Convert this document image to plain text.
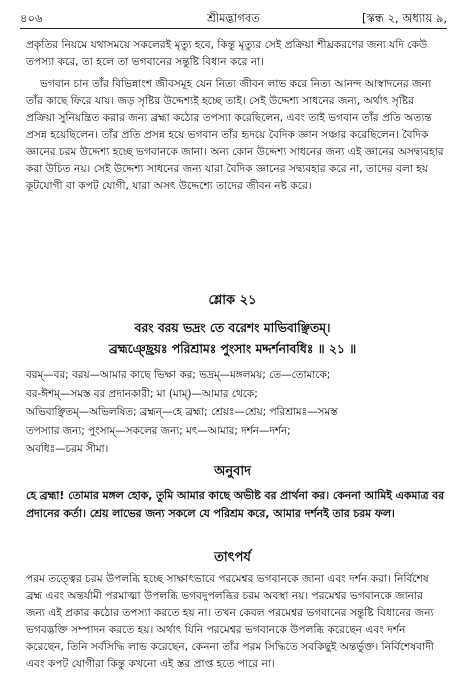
৪০৬	শ্রীমদ্ভাগবত	[স্কন্ধ ২, অধ্যায় ৯,

প্রকৃতির নিয়মে যথাসময়ে সকলেরই মৃত্যু হবে, কিন্তু মৃত্যুর সেই প্রক্রিয়া শীঘ্রকরণের জন্য যদি কেউ তপস্যা করে, তা হলে তা ভগবানের সন্তুষ্টি বিধান করে না।

ভগবান চান তাঁর বিভিন্নাংশ জীবসমূহ যেন নিত্য জীবন লাভ করে নিত্য আনন্দ আস্বাদনের জন্য তাঁর কাছে ফিরে যায়। জড় সৃষ্টির উদ্দেশ্যই হচ্ছে তাই। সেই উদ্দেশ্য সাধনের জন্য, অর্থাৎ সৃষ্টির প্রক্রিয়া সুনিয়ন্ত্রিত করার জন্য ব্রহ্মা কঠোর তপস্যা করেছিলেন, এবং তাই ভগবান তাঁর প্রতি অত্যন্ত প্রসন্ন হয়েছিলেন। তাঁর প্রতি প্রসন্ন হয়ে ভগবান তাঁর হৃদয়ে বৈদিক জ্ঞান সঞ্চার করেছিলেন। বৈদিক জ্ঞানের চরম উদ্দেশ্য হচ্ছে ভগবানকে জানা। অন্য কোন উদ্দেশ্য সাধনের জন্য এই জ্ঞানের অসদ্ব্যবহার করা উচিত নয়। সেই উদ্দেশ্য সাধনের জন্য যারা বৈদিক জ্ঞানের সদ্ব্যবহার করে না, তাদের বলা হয় কূটযোগী বা কপট যোগী, যারা অসৎ উদ্দেশ্যে তাদের জীবন নষ্ট করে।

শ্লোক ২১
বরং বরয় ভদ্রং তে বরেশং মাভিবাঞ্ছিতম্।
ব্রহ্মঞ্ছ্রেয়ঃ পরিশ্রামঃ পুংসাং মদ্দর্শনাবধিঃ ॥ ২১ ॥

বরম্—বর; বরয়—আমার কাছে ভিক্ষা কর; ভদ্রম্—মঙ্গলময়; তে—তোমাকে;

বর-ঈশম্—সমস্ত বর প্রদানকারী; মা (মাম্)—আমার থেকে;

অভিবাঞ্ছিতম্—অভিলষিত; ব্রহ্মন্—হে ব্রহ্মা; শ্রেয়ঃ—শ্রেয়; পরিশ্রামঃ—সমস্ত

তপস্যার জন্য; পুংসাম্—সকলের জন্য; মৎ—আমার; দর্শন—দর্শন;

অবধিঃ—চরম সীমা।

অনুবাদ

হে ব্রহ্মা! তোমার মঙ্গল হোক, তুমি আমার কাছে অভীষ্ট বর প্রার্থনা কর। কেননা আমিই একমাত্র বর প্রদানের কর্তা। শ্রেয় লাভের জন্য সকলে যে পরিশ্রম করে, আমার দর্শনই তার চরম ফল।

তাৎপর্য

পরম তত্ত্বের চরম উপলব্ধি হচ্ছে সাক্ষাৎভাবে পরমেশ্বর ভগবানকে জানা এবং দর্শন করা। নির্বিশেষ ব্রহ্ম এবং অন্তর্যামী পরমাত্মা উপলব্ধি ভগবদুপলব্ধির চরম অবস্থা নয়। পরমেশ্বর ভগবানকে জানার জন্য এই প্রকার কঠোর তপস্যা করতে হয় না। তখন কেবল পরমেশ্বর ভগবানের সন্তুষ্টি বিধানের জন্য ভগবদ্ভক্তি সম্পাদন করতে হয়। অর্থাৎ যিনি পরমেশ্বর ভগবানকে উপলব্ধি করেছেন এবং দর্শন করেছেন, তিনি সর্বসিদ্ধি লাভ করেছেন, কেননা তাঁর পরম সিদ্ধিতে সবকিছুই অন্তর্ভুক্ত। নির্বিশেষবাদী এবং কপট যোগীরা কিন্তু কখনো এই স্তর প্রাপ্ত হতে পারে না।
